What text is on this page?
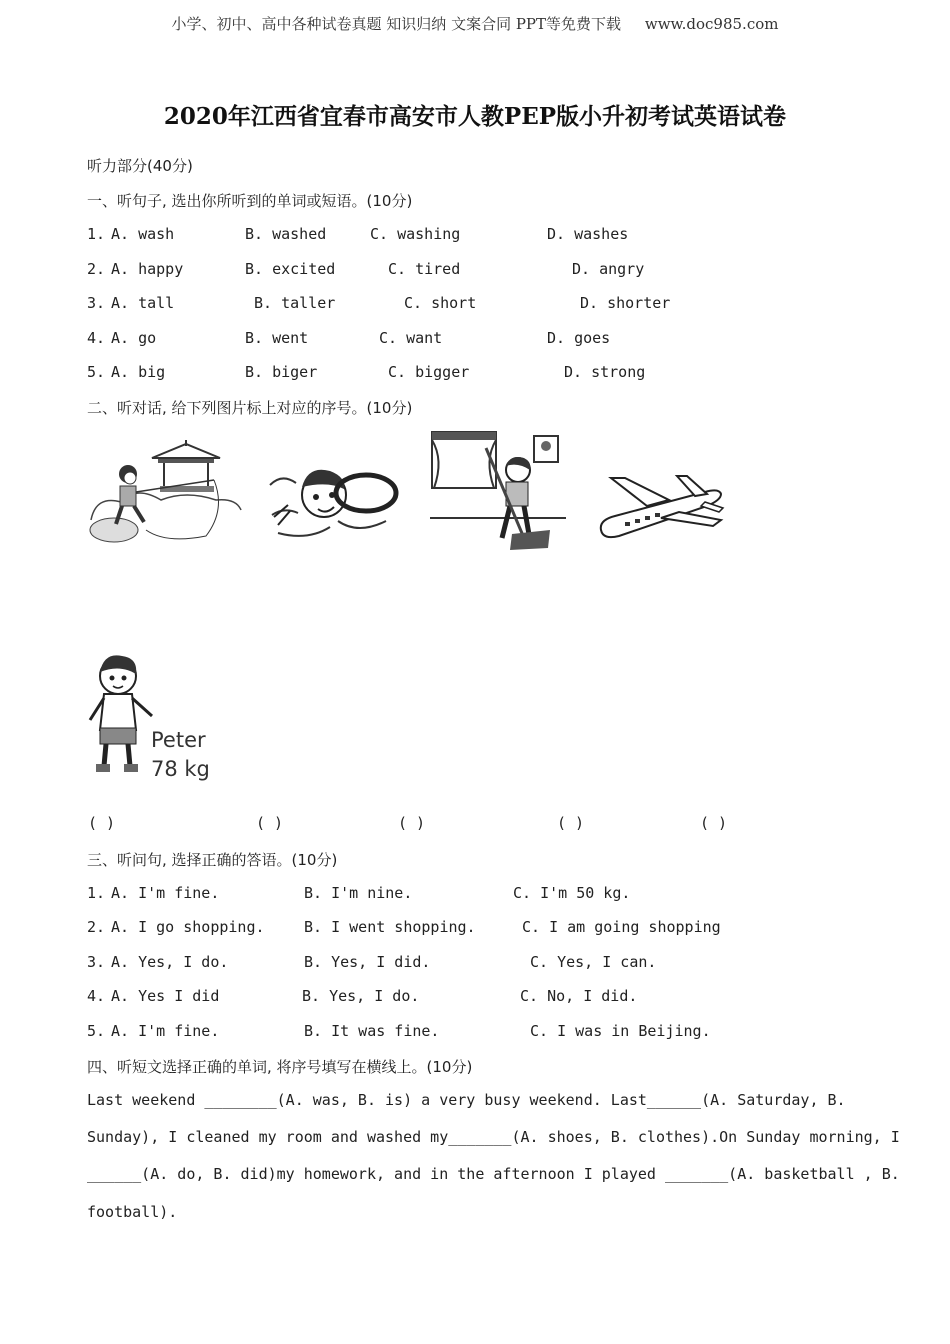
小学、初中、高中各种试卷真题 知识归纳 文案合同 PPT等免费下载 www.doc985.com
2020年江西省宜春市高安市人教PEP版小升初考试英语试卷
听力部分(40分)
一、听句子, 选出你所听到的单词或短语。(10分)
1. A. wash	B. washed	C. washing	D. washes
2. A. happy	B. excited	C. tired	D. angry
3. A. tall	B. taller	C. short	D. shorter
4. A. go	B. went	C. want	D. goes
5. A. big	B. biger	C. bigger	D. strong
二、听对话, 给下列图片标上对应的序号。(10分)
Peter
78 kg
( )	( )	( )	( )	( )
三、听问句, 选择正确的答语。(10分)
1. A. I'm fine.	B. I'm nine.	C. I'm 50 kg.
2. A. I go shopping.	B. I went shopping.	C. I am going shopping
3. A. Yes, I do.	B. Yes, I did.	C. Yes, I can.
4. A. Yes I did	B. Yes, I do.	C. No, I did.
5. A. I'm fine.	B. It was fine.	C. I was in Beijing.
四、听短文选择正确的单词, 将序号填写在横线上。(10分)
Last weekend ________(A. was, B. is) a very busy weekend. Last______(A. Saturday, B.
Sunday), I cleaned my room and washed my_______(A. shoes, B. clothes).On Sunday morning, I
______(A. do, B. did)my homework, and in the afternoon I played _______(A. basketball , B.
football).
